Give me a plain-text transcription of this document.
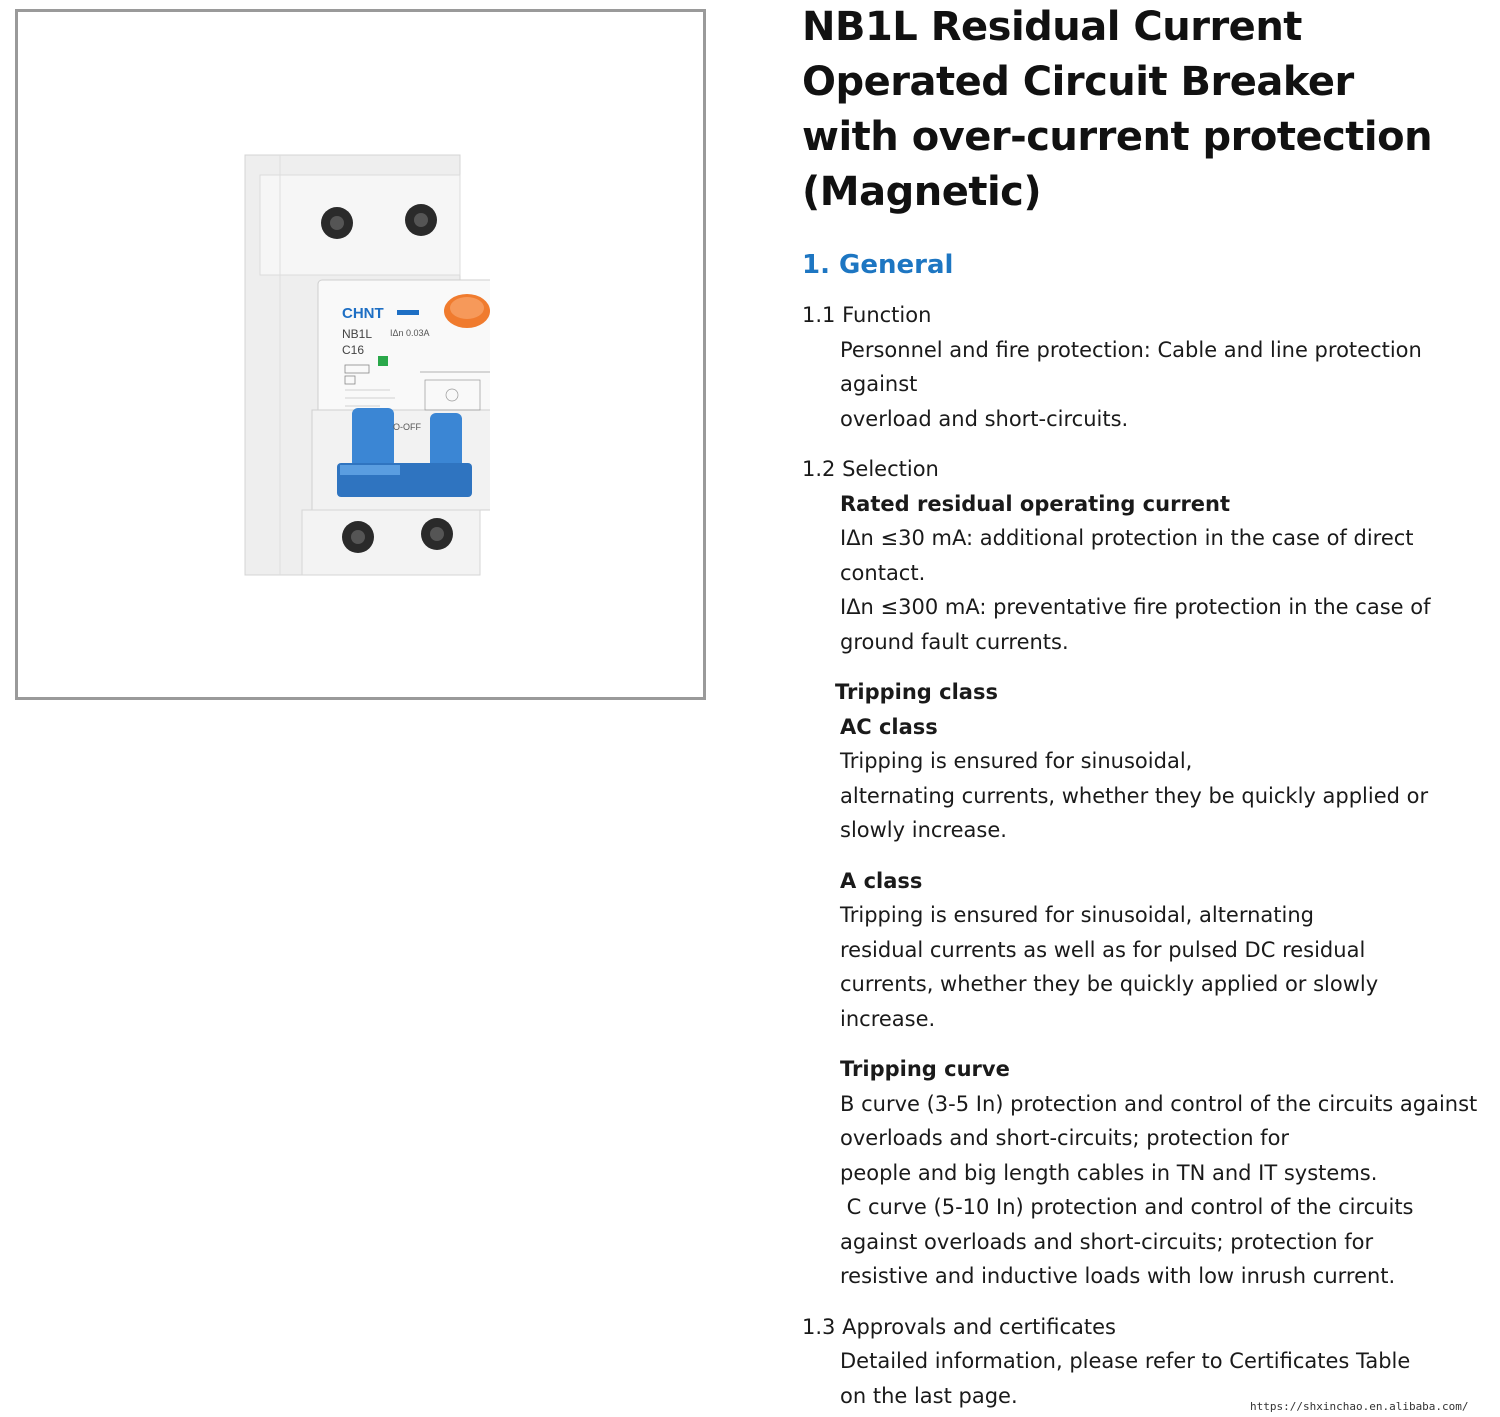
CHNT
NB1L IΔn 0.03A
C16
O-OFF
NB1L Residual Current
Operated Circuit Breaker
with over-current protection
(Magnetic)
1. General

1.1 Function

Personnel and fire protection: Cable and line protection

against

overload and short-circuits.

1.2 Selection

Rated residual operating current

IΔn ≤30 mA: additional protection in the case of direct

contact.

IΔn ≤300 mA: preventative fire protection in the case of

ground fault currents.

Tripping class

AC class

Tripping is ensured for sinusoidal,

alternating currents, whether they be quickly applied or

slowly increase.

A class

Tripping is ensured for sinusoidal, alternating

residual currents as well as for pulsed DC residual

currents, whether they be quickly applied or slowly

increase.

Tripping curve

B curve (3-5 In) protection and control of the circuits against

overloads and short-circuits; protection for

people and big length cables in TN and IT systems.

C curve (5-10 In) protection and control of the circuits

against overloads and short-circuits; protection for

resistive and inductive loads with low inrush current.

1.3 Approvals and certificates

Detailed information, please refer to Certificates Table

on the last page.	https://shxinchao.en.alibaba.com/
